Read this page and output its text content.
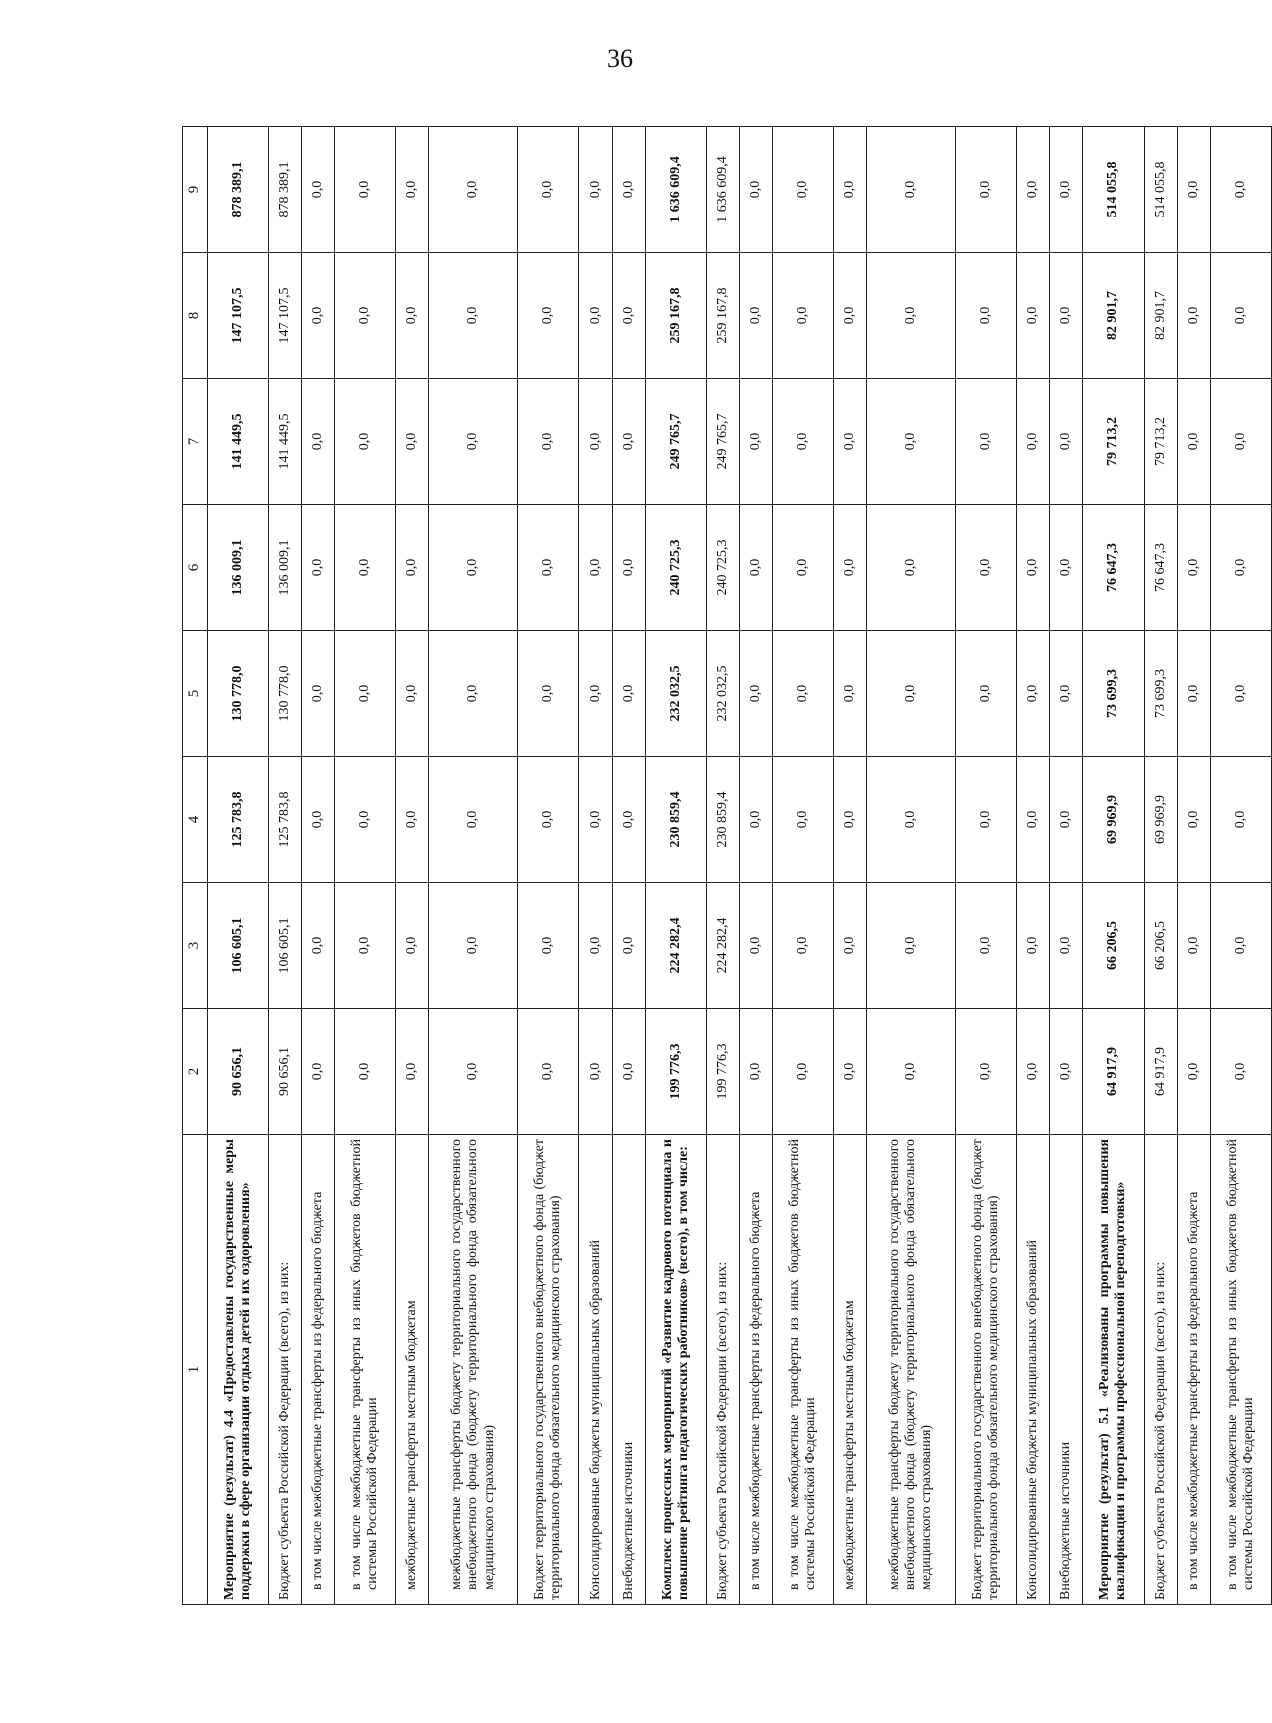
36
1	2	3	4	5	6	7	8	9
Мероприятие (результат) 4.4 «Предоставлены государственные меры поддержки в сфере организации отдыха детей и их оздоровления»	90 656,1	106 605,1	125 783,8	130 778,0	136 009,1	141 449,5	147 107,5	878 389,1
Бюджет субъекта Российской Федерации (всего), из них:	90 656,1	106 605,1	125 783,8	130 778,0	136 009,1	141 449,5	147 107,5	878 389,1
в том числе межбюджетные трансферты из федерального бюджета	0,0	0,0	0,0	0,0	0,0	0,0	0,0	0,0
в том числе межбюджетные трансферты из иных бюджетов бюджетной системы Российской Федерации	0,0	0,0	0,0	0,0	0,0	0,0	0,0	0,0
межбюджетные трансферты местным бюджетам	0,0	0,0	0,0	0,0	0,0	0,0	0,0	0,0
межбюджетные трансферты бюджету территориального государственного внебюджетного фонда (бюджету территориального фонда обязательного медицинского страхования)	0,0	0,0	0,0	0,0	0,0	0,0	0,0	0,0
Бюджет территориального государственного внебюджетного фонда (бюджет территориального фонда обязательного медицинского страхования)	0,0	0,0	0,0	0,0	0,0	0,0	0,0	0,0
Консолидированные бюджеты муниципальных образований	0,0	0,0	0,0	0,0	0,0	0,0	0,0	0,0
Внебюджетные источники	0,0	0,0	0,0	0,0	0,0	0,0	0,0	0,0
Комплекс процессных мероприятий «Развитие кадрового потенциала и повышение рейтинга педагогических работников» (всего), в том числе:	199 776,3	224 282,4	230 859,4	232 032,5	240 725,3	249 765,7	259 167,8	1 636 609,4
Бюджет субъекта Российской Федерации (всего), из них:	199 776,3	224 282,4	230 859,4	232 032,5	240 725,3	249 765,7	259 167,8	1 636 609,4
в том числе межбюджетные трансферты из федерального бюджета	0,0	0,0	0,0	0,0	0,0	0,0	0,0	0,0
в том числе межбюджетные трансферты из иных бюджетов бюджетной системы Российской Федерации	0,0	0,0	0,0	0,0	0,0	0,0	0,0	0,0
межбюджетные трансферты местным бюджетам	0,0	0,0	0,0	0,0	0,0	0,0	0,0	0,0
межбюджетные трансферты бюджету территориального государственного внебюджетного фонда (бюджету территориального фонда обязательного медицинского страхования)	0,0	0,0	0,0	0,0	0,0	0,0	0,0	0,0
Бюджет территориального государственного внебюджетного фонда (бюджет территориального фонда обязательного медицинского страхования)	0,0	0,0	0,0	0,0	0,0	0,0	0,0	0,0
Консолидированные бюджеты муниципальных образований	0,0	0,0	0,0	0,0	0,0	0,0	0,0	0,0
Внебюджетные источники	0,0	0,0	0,0	0,0	0,0	0,0	0,0	0,0
Мероприятие (результат) 5.1 «Реализованы программы повышения квалификации и программы профессиональной переподготовки»	64 917,9	66 206,5	69 969,9	73 699,3	76 647,3	79 713,2	82 901,7	514 055,8
Бюджет субъекта Российской Федерации (всего), из них:	64 917,9	66 206,5	69 969,9	73 699,3	76 647,3	79 713,2	82 901,7	514 055,8
в том числе межбюджетные трансферты из федерального бюджета	0,0	0,0	0,0	0,0	0,0	0,0	0,0	0,0
в том числе межбюджетные трансферты из иных бюджетов бюджетной системы Российской Федерации	0,0	0,0	0,0	0,0	0,0	0,0	0,0	0,0
